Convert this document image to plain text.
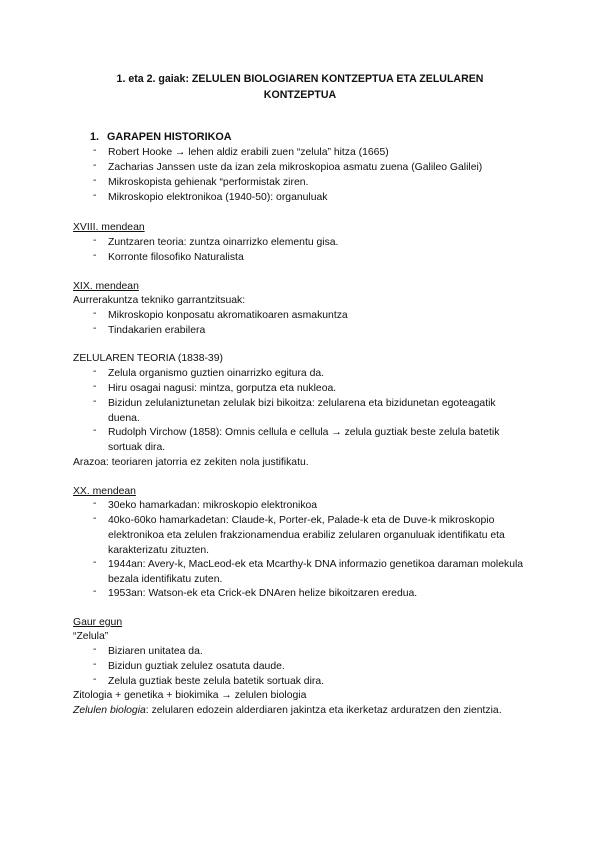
1. eta 2. gaiak: ZELULEN BIOLOGIAREN KONTZEPTUA ETA ZELULAREN KONTZEPTUA
1. GARAPEN HISTORIKOA
- Robert Hooke → lehen aldiz erabili zuen “zelula” hitza (1665)
- Zacharias Janssen uste da izan zela mikroskopioa asmatu zuena (Galileo Galilei)
- Mikroskopista gehienak “performistak ziren.
- Mikroskopio elektronikoa (1940-50): organuluak
XVIII. mendean
- Zuntzaren teoria: zuntza oinarrizko elementu gisa.
- Korronte filosofiko Naturalista
XIX. mendean
Aurrerakuntza tekniko garrantzitsuak:
- Mikroskopio konposatu akromatikoaren asmakuntza
- Tindakarien erabilera
ZELULAREN TEORIA (1838-39)
- Zelula organismo guztien oinarrizko egitura da.
- Hiru osagai nagusi: mintza, gorputza eta nukleoa.
- Bizidun zelulaniztunetan zelulak bizi bikoitza: zelularena eta bizidunetan egoteagatik duena.
- Rudolph Virchow (1858): Omnis cellula e cellula → zelula guztiak beste zelula batetik sortuak dira.
Arazoa: teoriaren jatorria ez zekiten nola justifikatu.
XX. mendean
- 30eko hamarkadan: mikroskopio elektronikoa
- 40ko-60ko hamarkadetan: Claude-k, Porter-ek, Palade-k eta de Duve-k mikroskopio elektronikoa eta zelulen frakzionamendua erabiliz zelularen organuluak identifikatu eta karakterizatu zituzten.
- 1944an: Avery-k, MacLeod-ek eta Mcarthy-k DNA informazio genetikoa daraman molekula bezala identifikatu zuten.
- 1953an: Watson-ek eta Crick-ek DNAren helize bikoitzaren eredua.
Gaur egun
“Zelula”
- Biziaren unitatea da.
- Bizidun guztiak zelulez osatuta daude.
- Zelula guztiak beste zelula batetik sortuak dira.
Zitologia + genetika + biokimika → zelulen biologia
Zelulen biologia: zelularen edozein alderdiaren jakintza eta ikerketaz arduratzen den zientzia.
